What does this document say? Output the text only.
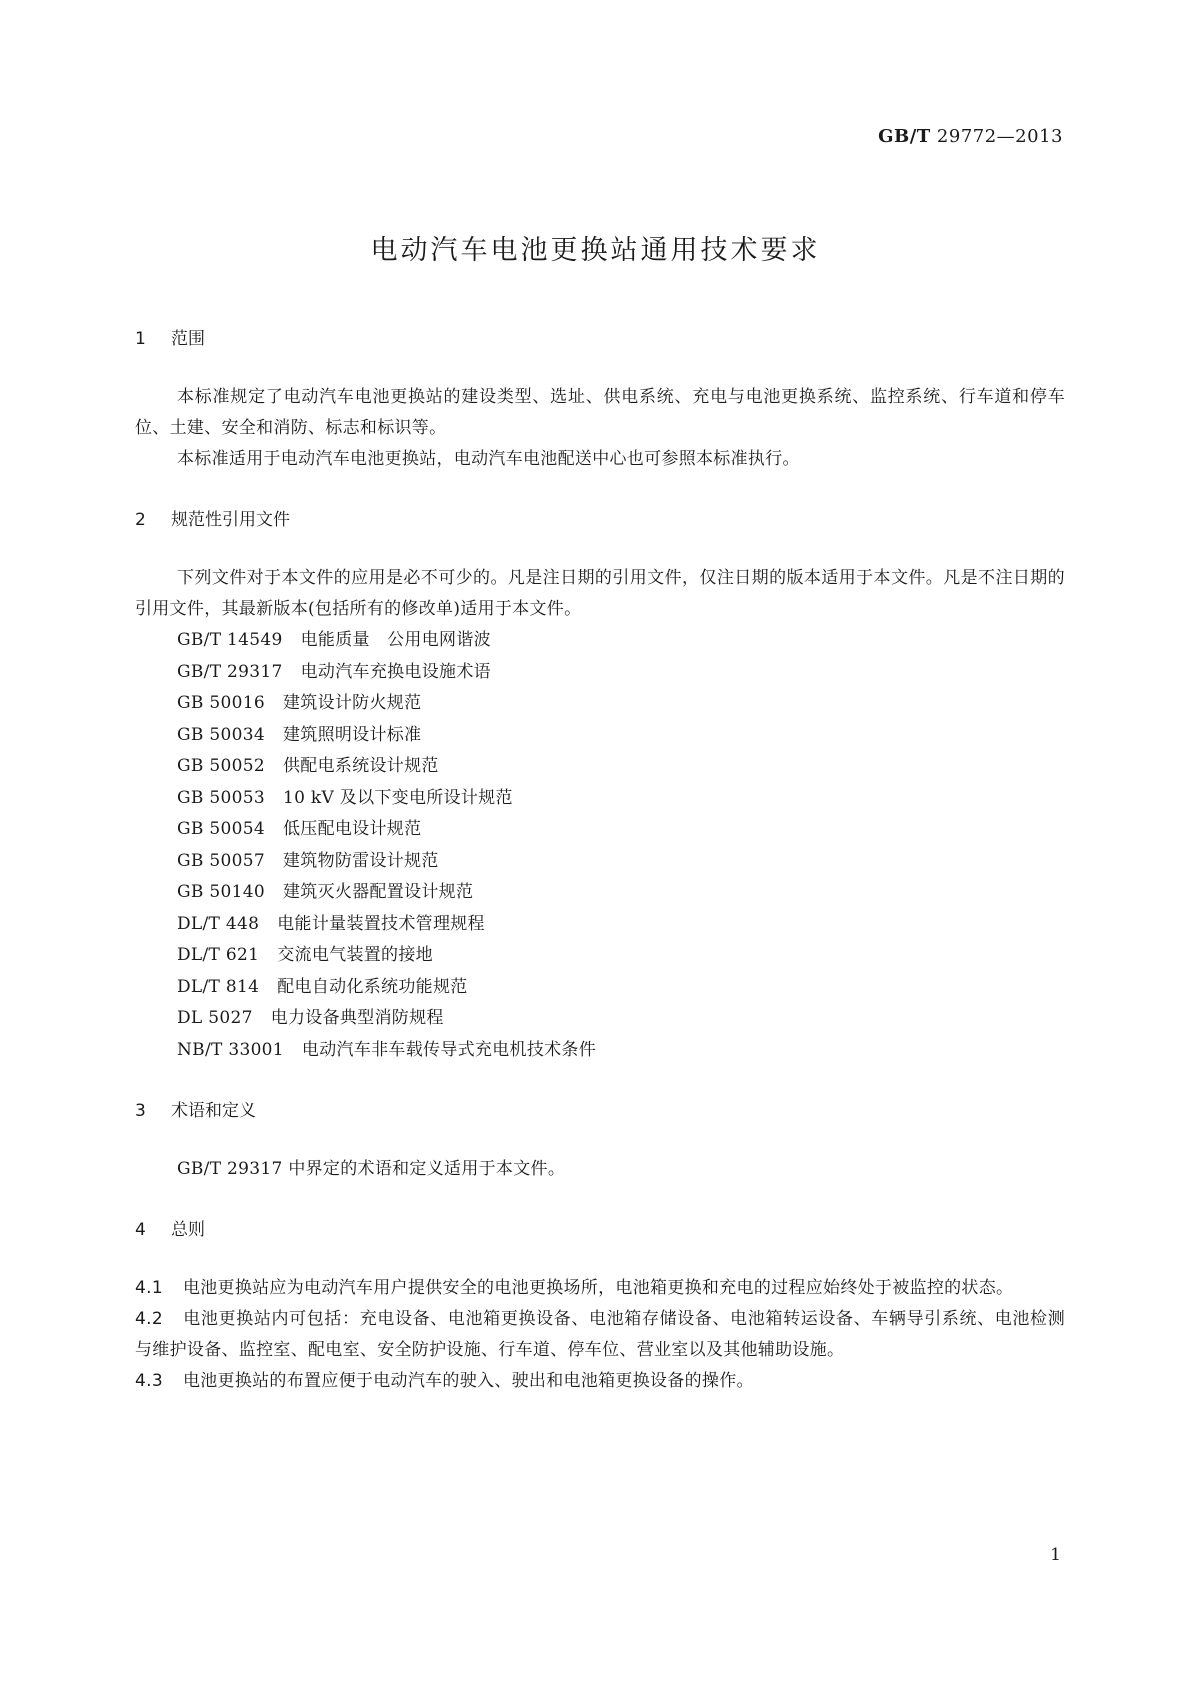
GB/T 29772—2013
电动汽车电池更换站通用技术要求

1 范围

本标准规定了电动汽车电池更换站的建设类型、选址、供电系统、充电与电池更换系统、监控系统、行车道和停车位、土建、安全和消防、标志和标识等。

本标准适用于电动汽车电池更换站，电动汽车电池配送中心也可参照本标准执行。

2 规范性引用文件

下列文件对于本文件的应用是必不可少的。凡是注日期的引用文件，仅注日期的版本适用于本文件。凡是不注日期的引用文件，其最新版本(包括所有的修改单)适用于本文件。

GB/T 14549 电能质量　公用电网谐波

GB/T 29317 电动汽车充换电设施术语

GB 50016 建筑设计防火规范

GB 50034 建筑照明设计标准

GB 50052 供配电系统设计规范

GB 50053 10 kV 及以下变电所设计规范

GB 50054 低压配电设计规范

GB 50057 建筑物防雷设计规范

GB 50140 建筑灭火器配置设计规范

DL/T 448 电能计量装置技术管理规程

DL/T 621 交流电气装置的接地

DL/T 814 配电自动化系统功能规范

DL 5027 电力设备典型消防规程

NB/T 33001 电动汽车非车载传导式充电机技术条件

3 术语和定义

GB/T 29317 中界定的术语和定义适用于本文件。

4 总则

4.1 电池更换站应为电动汽车用户提供安全的电池更换场所，电池箱更换和充电的过程应始终处于被监控的状态。

4.2 电池更换站内可包括：充电设备、电池箱更换设备、电池箱存储设备、电池箱转运设备、车辆导引系统、电池检测与维护设备、监控室、配电室、安全防护设施、行车道、停车位、营业室以及其他辅助设施。

4.3 电池更换站的布置应便于电动汽车的驶入、驶出和电池箱更换设备的操作。

1
